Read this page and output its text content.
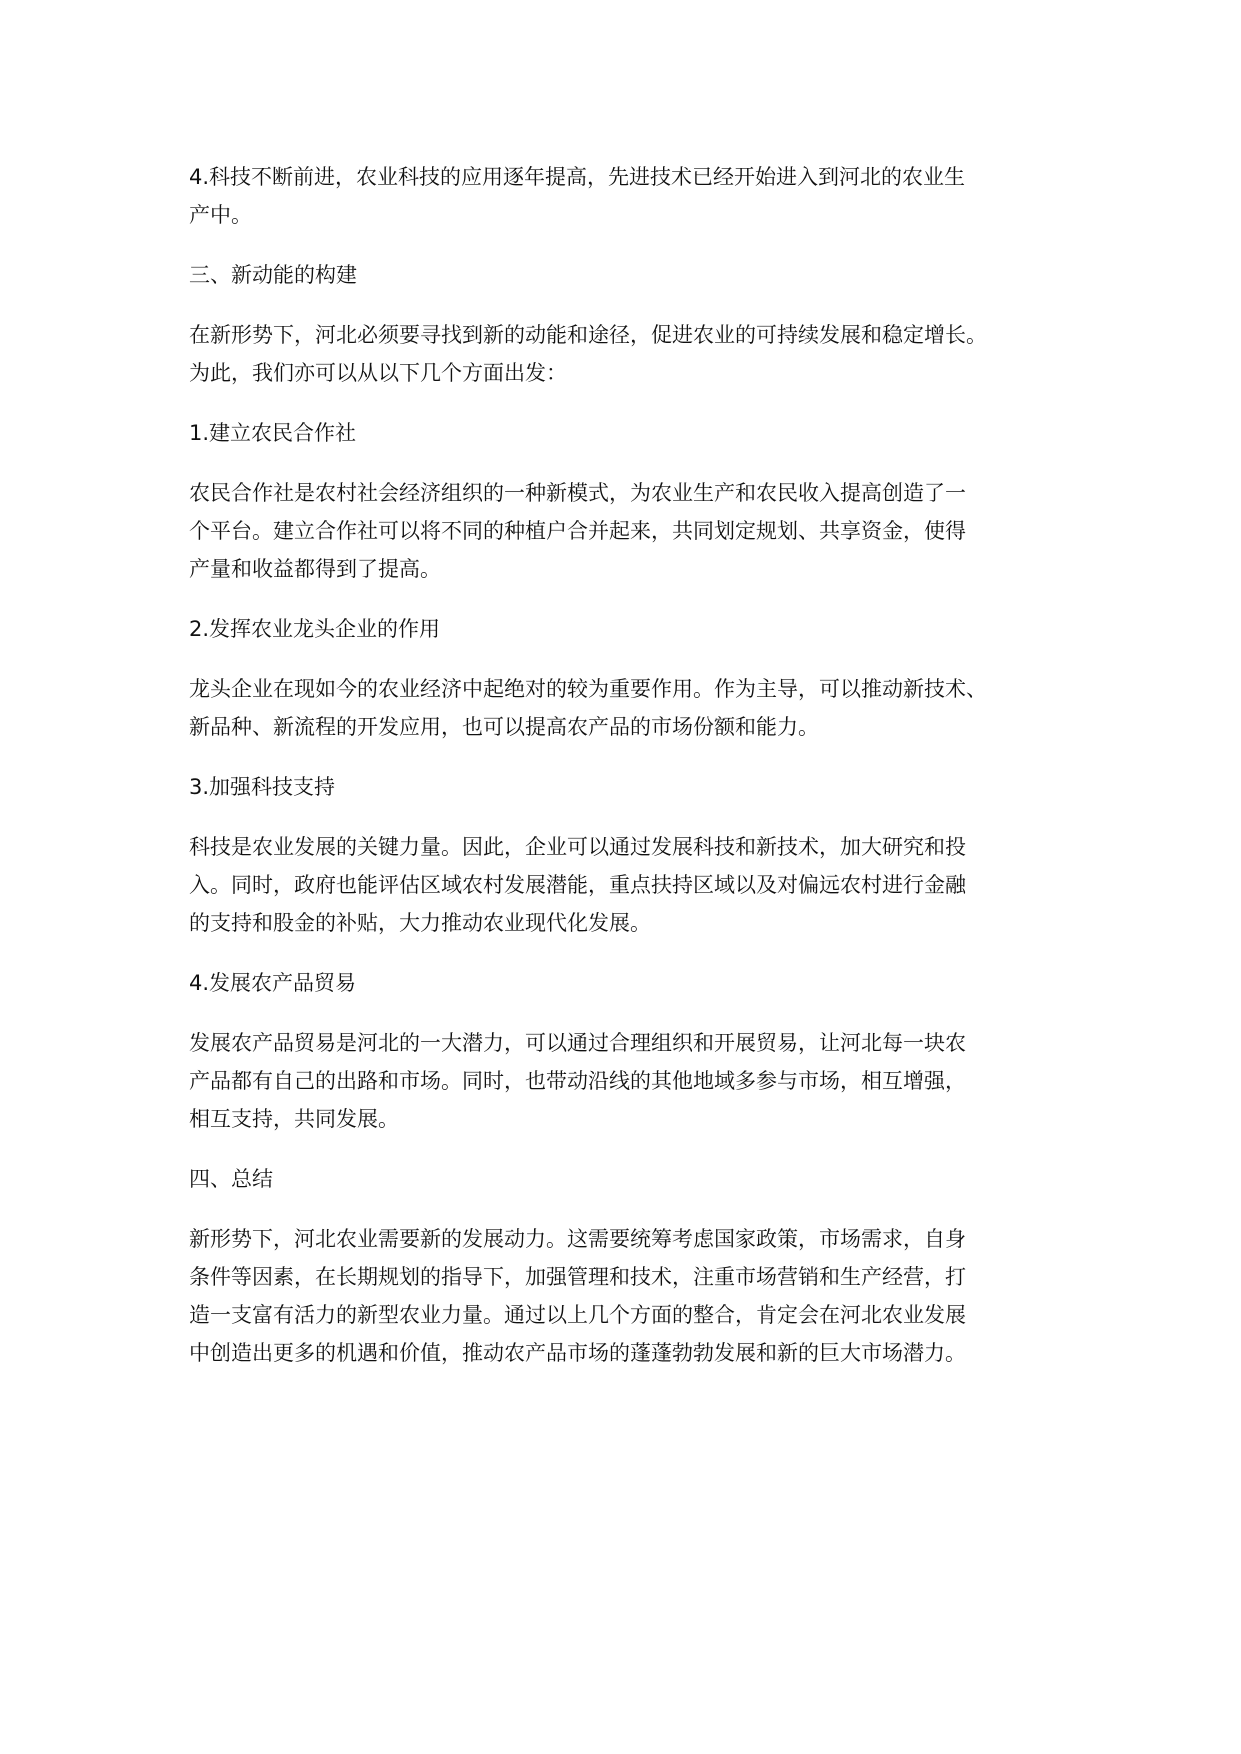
4.科技不断前进，农业科技的应用逐年提高，先进技术已经开始进入到河北的农业生

产中。

三、新动能的构建

在新形势下，河北必须要寻找到新的动能和途径，促进农业的可持续发展和稳定增长。

为此，我们亦可以从以下几个方面出发：

1.建立农民合作社

农民合作社是农村社会经济组织的一种新模式，为农业生产和农民收入提高创造了一

个平台。建立合作社可以将不同的种植户合并起来，共同划定规划、共享资金，使得

产量和收益都得到了提高。

2.发挥农业龙头企业的作用

龙头企业在现如今的农业经济中起绝对的较为重要作用。作为主导，可以推动新技术、

新品种、新流程的开发应用，也可以提高农产品的市场份额和能力。

3.加强科技支持

科技是农业发展的关键力量。因此，企业可以通过发展科技和新技术，加大研究和投

入。同时，政府也能评估区域农村发展潜能，重点扶持区域以及对偏远农村进行金融

的支持和股金的补贴，大力推动农业现代化发展。

4.发展农产品贸易

发展农产品贸易是河北的一大潜力，可以通过合理组织和开展贸易，让河北每一块农

产品都有自己的出路和市场。同时，也带动沿线的其他地域多参与市场，相互增强，

相互支持，共同发展。

四、总结

新形势下，河北农业需要新的发展动力。这需要统筹考虑国家政策，市场需求，自身

条件等因素，在长期规划的指导下，加强管理和技术，注重市场营销和生产经营，打

造一支富有活力的新型农业力量。通过以上几个方面的整合，肯定会在河北农业发展

中创造出更多的机遇和价值，推动农产品市场的蓬蓬勃勃发展和新的巨大市场潜力。
